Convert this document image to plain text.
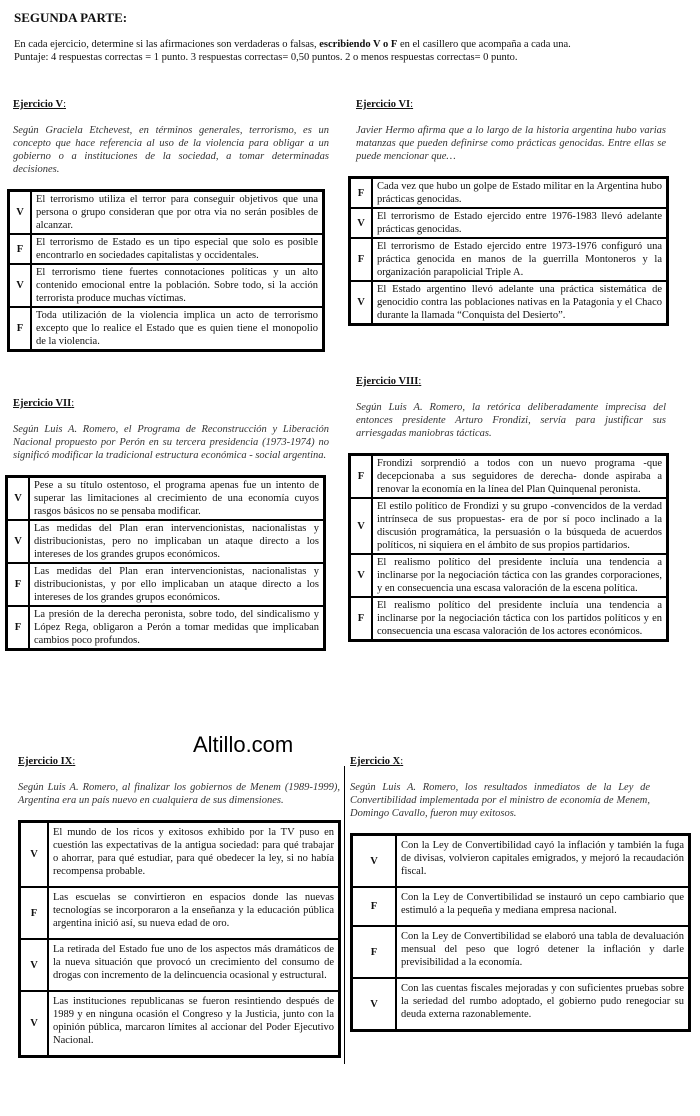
SEGUNDA PARTE:
En cada ejercicio, determine si las afirmaciones son verdaderas o falsas, escribiendo V o F en el casillero que acompaña a cada una.
Puntaje: 4 respuestas correctas = 1 punto. 3 respuestas correctas= 0,50 puntos. 2 o menos respuestas correctas= 0 punto.
Ejercicio V:
Según Graciela Etchevest, en términos generales, terrorismo, es un concepto que hace referencia al uso de la violencia para obligar a un gobierno o a instituciones de la sociedad, a tomar determinadas decisiones.
V	El terrorismo utiliza el terror para conseguir objetivos que una persona o grupo consideran que por otra via no serán posibles de alcanzar.
F	El terrorismo de Estado es un tipo especial que solo es posible encontrarlo en sociedades capitalistas y occidentales.
V	El terrorismo tiene fuertes connotaciones políticas y un alto contenido emocional entre la población. Sobre todo, si la acción terrorista produce muchas víctimas.
F	Toda utilización de la violencia implica un acto de terrorismo excepto que lo realice el Estado que es quien tiene el monopolio de la violencia.
Ejercicio VI:
Javier Hermo afirma que a lo largo de la historia argentina hubo varias matanzas que pueden definirse como prácticas genocidas. Entre ellas se puede mencionar que…
F	Cada vez que hubo un golpe de Estado militar en la Argentina hubo prácticas genocidas.
V	El terrorismo de Estado ejercido entre 1976-1983 llevó adelante prácticas genocidas.
F	El terrorismo de Estado ejercido entre 1973-1976 configuró una práctica genocida en manos de la guerrilla Montoneros y la organización parapolicial Triple A.
V	El Estado argentino llevó adelante una práctica sistemática de genocidio contra las poblaciones nativas en la Patagonia y el Chaco durante la llamada “Conquista del Desierto”.
Ejercicio VII:
Según Luis A. Romero, el Programa de Reconstrucción y Liberación Nacional propuesto por Perón en su tercera presidencia (1973-1974) no significó modificar la tradicional estructura económica - social argentina.
V	Pese a su título ostentoso, el programa apenas fue un intento de superar las limitaciones al crecimiento de una economía cuyos rasgos básicos no se pensaba modificar.
V	Las medidas del Plan eran intervencionistas, nacionalistas y distribucionistas, pero no implicaban un ataque directo a los intereses de los grandes grupos económicos.
F	Las medidas del Plan eran intervencionistas, nacionalistas y distribucionistas, y por ello implicaban un ataque directo a los intereses de los grandes grupos económicos.
F	La presión de la derecha peronista, sobre todo, del sindicalismo y López Rega, obligaron a Perón a tomar medidas que implicaban cambios poco profundos.
Ejercicio VIII:
Según Luis A. Romero, la retórica deliberadamente imprecisa del entonces presidente Arturo Frondizi, servía para justificar sus arriesgadas maniobras tácticas.
F	Frondizi sorprendió a todos con un nuevo programa -que decepcionaba a sus seguidores de derecha- donde aspiraba a renovar la economía en la línea del Plan Quinquenal peronista.
V	El estilo político de Frondizi y su grupo -convencidos de la verdad intrínseca de sus propuestas- era de por sí poco inclinado a la discusión programática, la persuasión o la búsqueda de acuerdos políticos, ni siquiera en el ámbito de sus propios partidarios.
V	El realismo político del presidente incluía una tendencia a inclinarse por la negociación táctica con las grandes corporaciones, y en consecuencia una escasa valoración de la escena política.
F	El realismo político del presidente incluía una tendencia a inclinarse por la negociación táctica con los partidos políticos y en consecuencia una escasa valoración de los actores económicos.
Altillo.com
Ejercicio IX:
Según Luis A. Romero, al finalizar los gobiernos de Menem (1989-1999), Argentina era un país nuevo en cualquiera de sus dimensiones.
V	El mundo de los ricos y exitosos exhibido por la TV puso en cuestión las expectativas de la antigua sociedad: para qué trabajar o ahorrar, para qué estudiar, para qué obedecer la ley, si no había recompensa probable.
F	Las escuelas se convirtieron en espacios donde las nuevas tecnologías se incorporaron a la enseñanza y la educación pública argentina inició así, su nueva edad de oro.
V	La retirada del Estado fue uno de los aspectos más dramáticos de la nueva situación que provocó un crecimiento del consumo de drogas con incremento de la delincuencia ocasional y estructural.
V	Las instituciones republicanas se fueron resintiendo después de 1989 y en ninguna ocasión el Congreso y la Justicia, junto con la opinión pública, marcaron límites al accionar del Poder Ejecutivo Nacional.
Ejercicio X:
Según Luis A. Romero, los resultados inmediatos de la Ley de Convertibilidad implementada por el ministro de economía de Menem, Domingo Cavallo, fueron muy exitosos.
V	Con la Ley de Convertibilidad cayó la inflación y también la fuga de divisas, volvieron capitales emigrados, y mejoró la recaudación fiscal.
F	Con la Ley de Convertibilidad se instauró un cepo cambiario que estimuló a la pequeña y mediana empresa nacional.
F	Con la Ley de Convertibilidad se elaboró una tabla de devaluación mensual del peso que logró detener la inflación y darle previsibilidad a la economía.
V	Con las cuentas fiscales mejoradas y con suficientes pruebas sobre la seriedad del rumbo adoptado, el gobierno pudo renegociar su deuda externa razonablemente.
